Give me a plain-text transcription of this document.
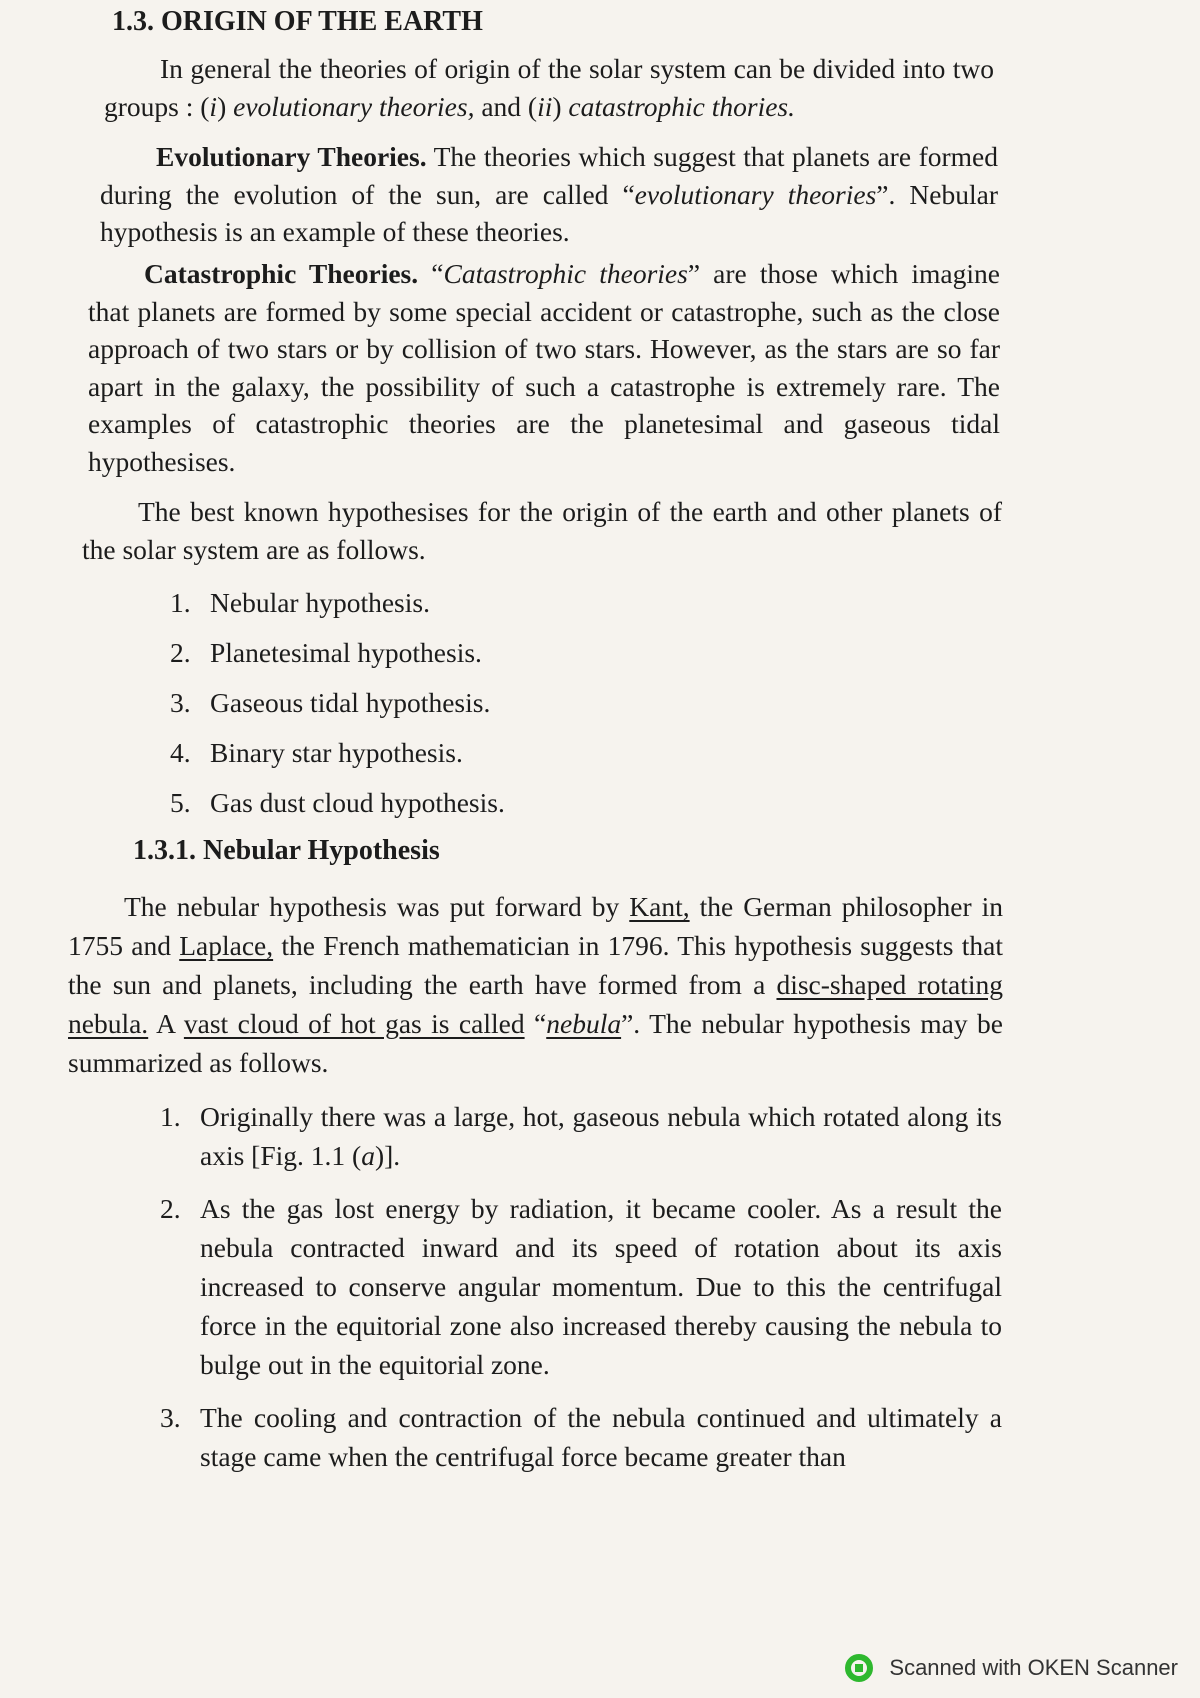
1.3. ORIGIN OF THE EARTH

In general the theories of origin of the solar system can be divided into two groups : (i) evolutionary theories, and (ii) catastrophic thories.

Evolutionary Theories. The theories which suggest that planets are formed during the evolution of the sun, are called “evolutionary theories”. Nebular hypothesis is an example of these theories.

Catastrophic Theories. “Catastrophic theories” are those which imagine that planets are formed by some special accident or catastrophe, such as the close approach of two stars or by collision of two stars. However, as the stars are so far apart in the galaxy, the possibility of such a catastrophe is extremely rare. The examples of catastrophic theories are the planetesimal and gaseous tidal hypothesises.

The best known hypothesises for the origin of the earth and other planets of the solar system are as follows.

1. Nebular hypothesis.
2. Planetesimal hypothesis.
3. Gaseous tidal hypothesis.
4. Binary star hypothesis.
5. Gas dust cloud hypothesis.
1.3.1. Nebular Hypothesis

The nebular hypothesis was put forward by Kant, the German philosopher in 1755 and Laplace, the French mathematician in 1796. This hypothesis suggests that the sun and planets, including the earth have formed from a disc-shaped rotating nebula. A vast cloud of hot gas is called “nebula”. The nebular hypothesis may be summarized as follows.

1. Originally there was a large, hot, gaseous nebula which rotated along its axis [Fig. 1.1 (a)].
2. As the gas lost energy by radiation, it became cooler. As a result the nebula contracted inward and its speed of rotation about its axis increased to conserve angular momentum. Due to this the centrifugal force in the equitorial zone also increased thereby causing the nebula to bulge out in the equitorial zone.
3. The cooling and contraction of the nebula continued and ultimately a stage came when the centrifugal force became greater than
Scanned with OKEN Scanner
